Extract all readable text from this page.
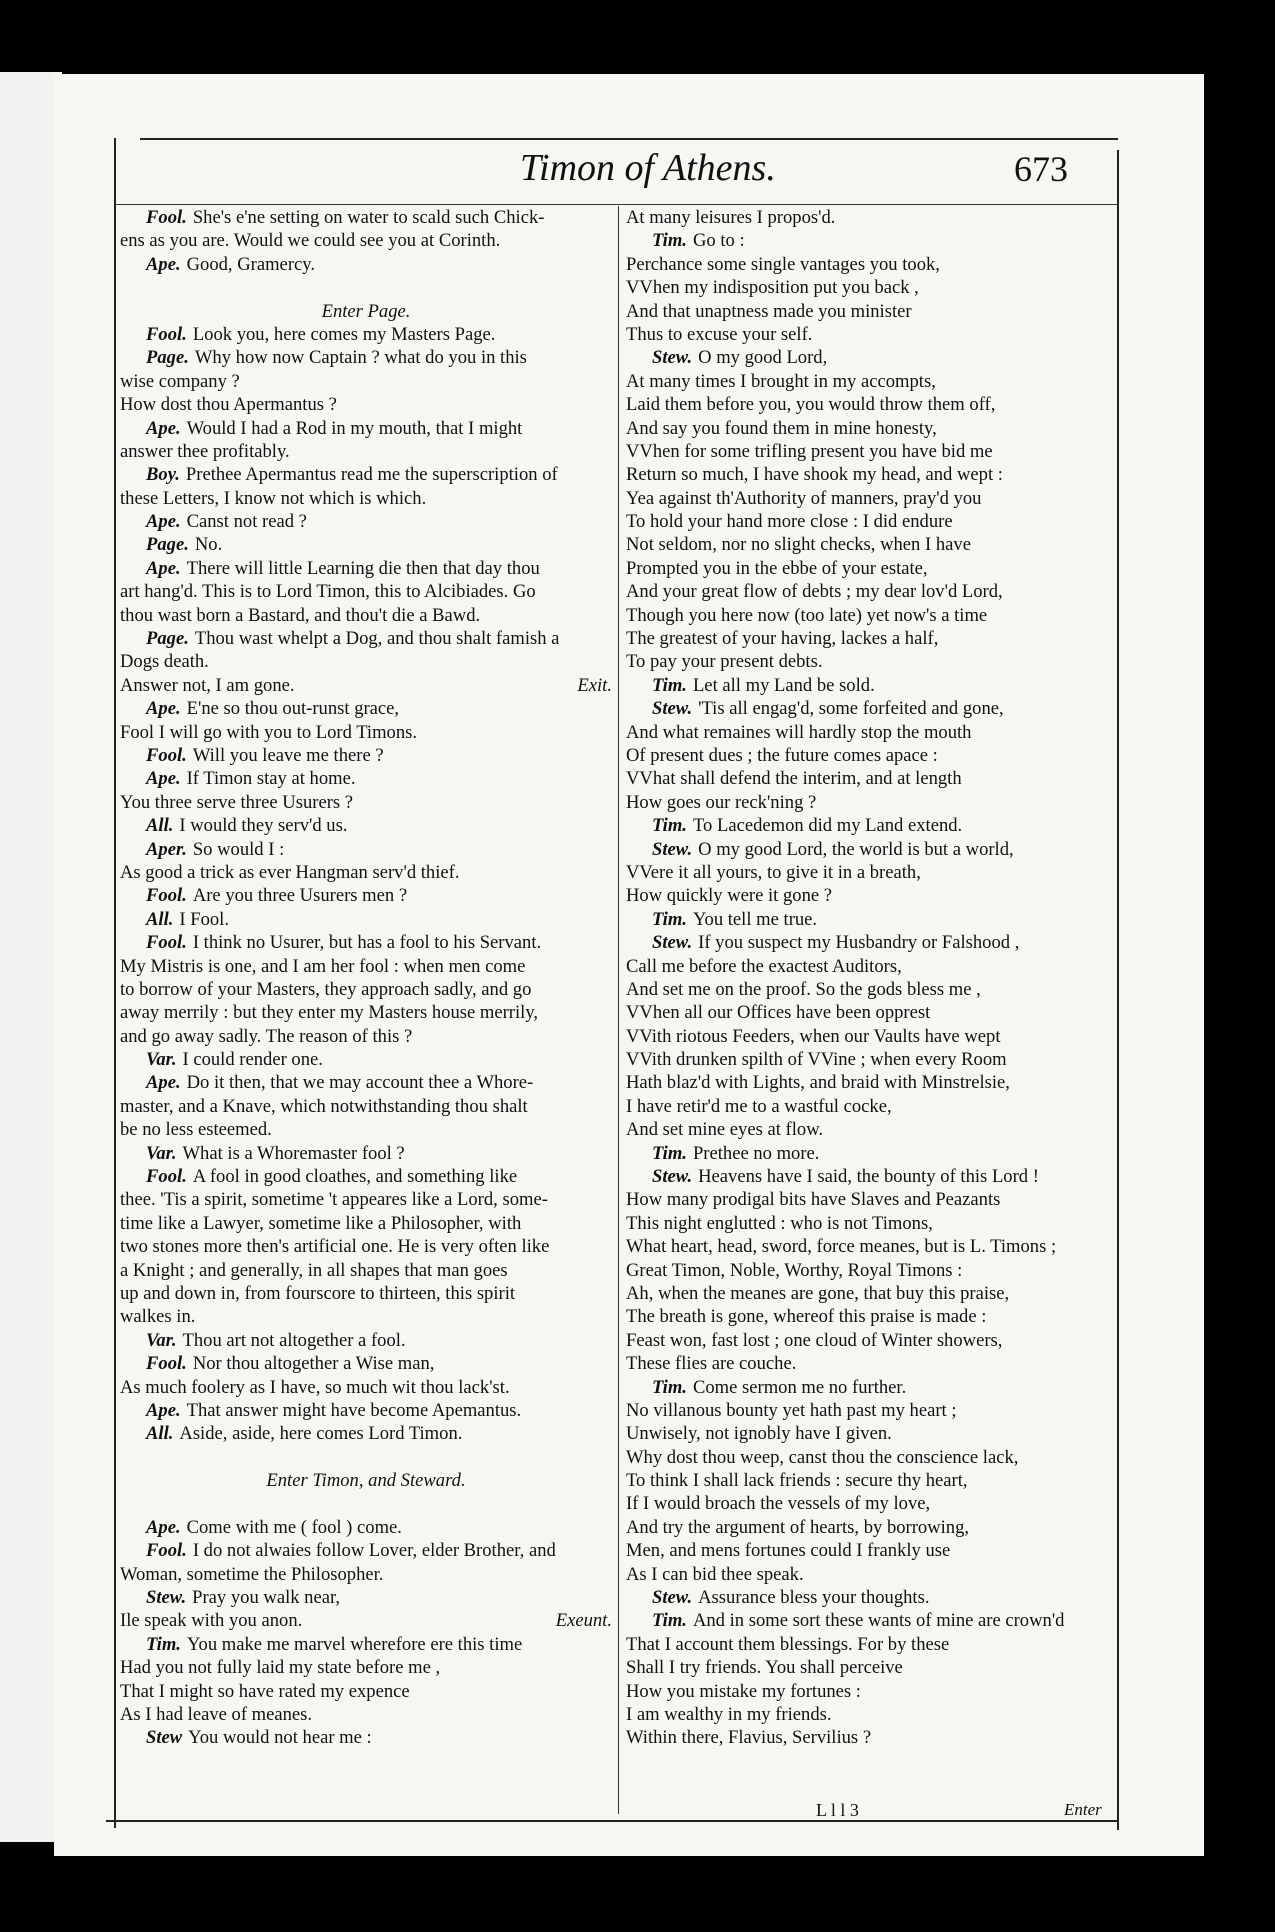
Timon of Athens.	673
Fool. She's e'ne setting on water to scald such Chick-
ens as you are. Would we could see you at Corinth.
Ape. Good, Gramercy.
Enter Page.
Fool. Look you, here comes my Masters Page.
Page. Why how now Captain ? what do you in this
wise company ?
How dost thou Apermantus ?
Ape. Would I had a Rod in my mouth, that I might
answer thee profitably.
Boy. Prethee Apermantus read me the superscription of
these Letters, I know not which is which.
Ape. Canst not read ?
Page. No.
Ape. There will little Learning die then that day thou
art hang'd. This is to Lord Timon, this to Alcibiades. Go
thou wast born a Bastard, and thou't die a Bawd.
Page. Thou wast whelpt a Dog, and thou shalt famish a
Dogs death.
Answer not, I am gone.	Exit.
Ape. E'ne so thou out-runst grace,
Fool I will go with you to Lord Timons.
Fool. Will you leave me there ?
Ape. If Timon stay at home.
You three serve three Usurers ?
All. I would they serv'd us.
Aper. So would I :
As good a trick as ever Hangman serv'd thief.
Fool. Are you three Usurers men ?
All. I Fool.
Fool. I think no Usurer, but has a fool to his Servant.
My Mistris is one, and I am her fool : when men come
to borrow of your Masters, they approach sadly, and go
away merrily : but they enter my Masters house merrily,
and go away sadly. The reason of this ?
Var. I could render one.
Ape. Do it then, that we may account thee a Whore-
master, and a Knave, which notwithstanding thou shalt
be no less esteemed.
Var. What is a Whoremaster fool ?
Fool. A fool in good cloathes, and something like
thee. 'Tis a spirit, sometime 't appeares like a Lord, some-
time like a Lawyer, sometime like a Philosopher, with
two stones more then's artificial one. He is very often like
a Knight ; and generally, in all shapes that man goes
up and down in, from fourscore to thirteen, this spirit
walkes in.
Var. Thou art not altogether a fool.
Fool. Nor thou altogether a Wise man,
As much foolery as I have, so much wit thou lack'st.
Ape. That answer might have become Apemantus.
All. Aside, aside, here comes Lord Timon.
Enter Timon, and Steward.
Ape. Come with me ( fool ) come.
Fool. I do not alwaies follow Lover, elder Brother, and
Woman, sometime the Philosopher.
Stew. Pray you walk near,
Ile speak with you anon.	Exeunt.
Tim. You make me marvel wherefore ere this time
Had you not fully laid my state before me ,
That I might so have rated my expence
As I had leave of meanes.
Stew You would not hear me :
At many leisures I propos'd.
Tim. Go to :
Perchance some single vantages you took,
VVhen my indisposition put you back ,
And that unaptness made you minister
Thus to excuse your self.
Stew. O my good Lord,
At many times I brought in my accompts,
Laid them before you, you would throw them off,
And say you found them in mine honesty,
VVhen for some trifling present you have bid me
Return so much, I have shook my head, and wept :
Yea against th'Authority of manners, pray'd you
To hold your hand more close : I did endure
Not seldom, nor no slight checks, when I have
Prompted you in the ebbe of your estate,
And your great flow of debts ; my dear lov'd Lord,
Though you here now (too late) yet now's a time
The greatest of your having, lackes a half,
To pay your present debts.
Tim. Let all my Land be sold.
Stew. 'Tis all engag'd, some forfeited and gone,
And what remaines will hardly stop the mouth
Of present dues ; the future comes apace :
VVhat shall defend the interim, and at length
How goes our reck'ning ?
Tim. To Lacedemon did my Land extend.
Stew. O my good Lord, the world is but a world,
VVere it all yours, to give it in a breath,
How quickly were it gone ?
Tim. You tell me true.
Stew. If you suspect my Husbandry or Falshood ,
Call me before the exactest Auditors,
And set me on the proof. So the gods bless me ,
VVhen all our Offices have been opprest
VVith riotous Feeders, when our Vaults have wept
VVith drunken spilth of VVine ; when every Room
Hath blaz'd with Lights, and braid with Minstrelsie,
I have retir'd me to a wastful cocke,
And set mine eyes at flow.
Tim. Prethee no more.
Stew. Heavens have I said, the bounty of this Lord !
How many prodigal bits have Slaves and Peazants
This night englutted : who is not Timons,
What heart, head, sword, force meanes, but is L. Timons ;
Great Timon, Noble, Worthy, Royal Timons :
Ah, when the meanes are gone, that buy this praise,
The breath is gone, whereof this praise is made :
Feast won, fast lost ; one cloud of Winter showers,
These flies are couche.
Tim. Come sermon me no further.
No villanous bounty yet hath past my heart ;
Unwisely, not ignobly have I given.
Why dost thou weep, canst thou the conscience lack,
To think I shall lack friends : secure thy heart,
If I would broach the vessels of my love,
And try the argument of hearts, by borrowing,
Men, and mens fortunes could I frankly use
As I can bid thee speak.
Stew. Assurance bless your thoughts.
Tim. And in some sort these wants of mine are crown'd
That I account them blessings. For by these
Shall I try friends. You shall perceive
How you mistake my fortunes :
I am wealthy in my friends.
Within there, Flavius, Servilius ?
L l l 3	Enter
